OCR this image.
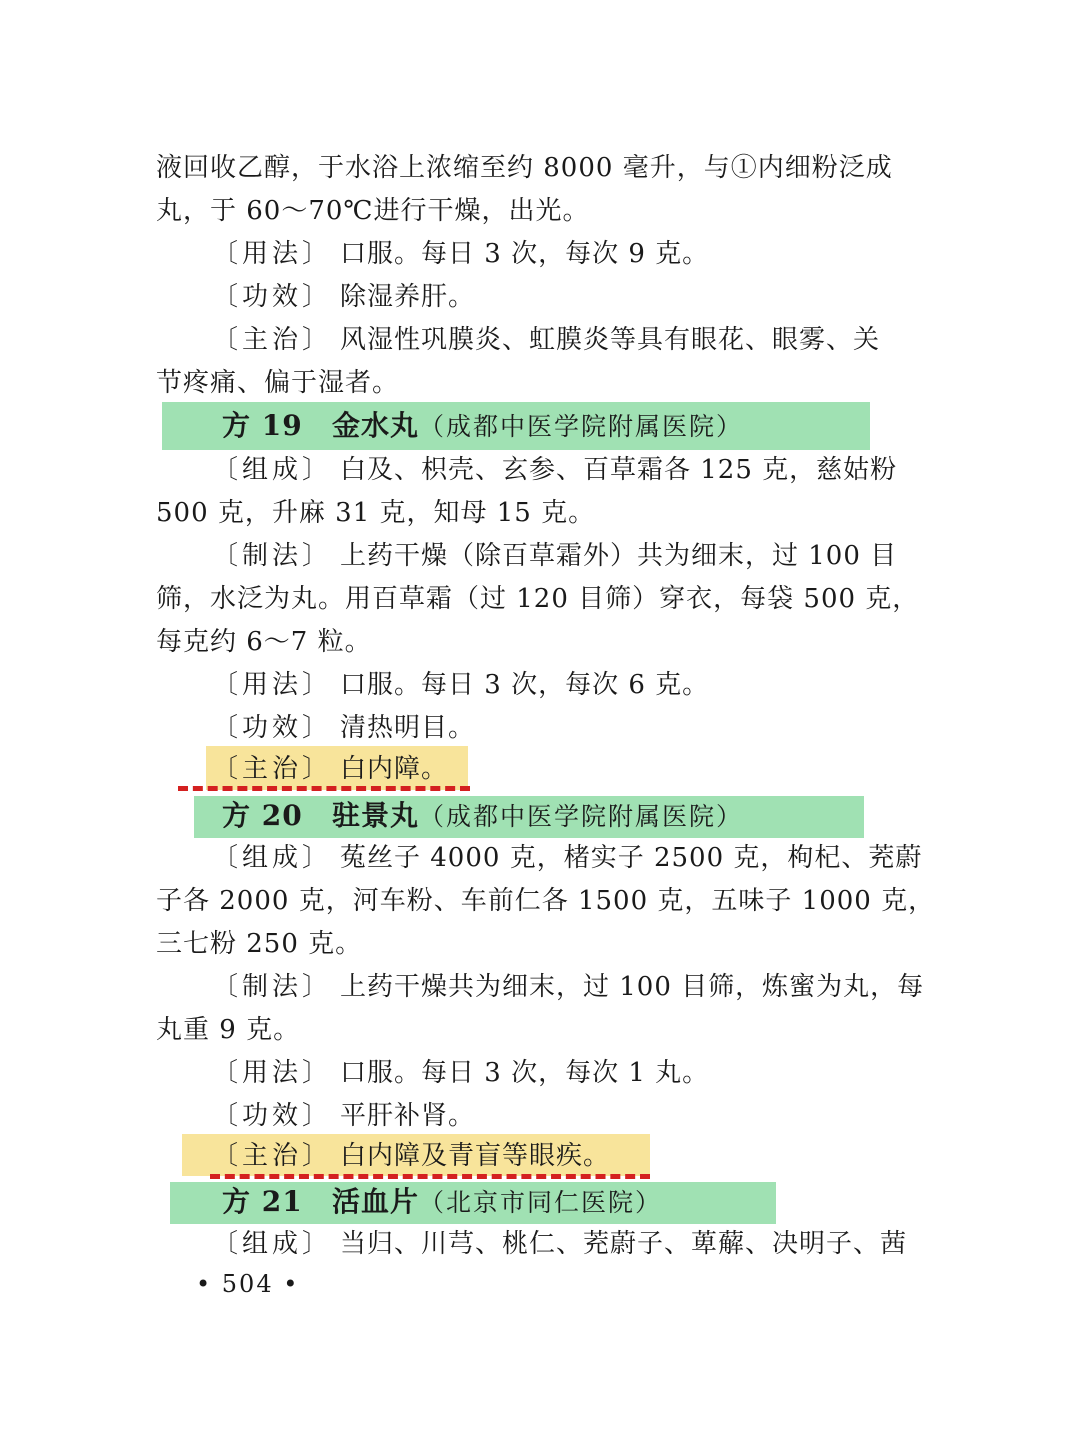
液回收乙醇，于水浴上浓缩至约 8000 毫升，与①内细粉泛成
丸，于 60～70℃进行干燥，出光。
〔用法〕 口服。每日 3 次，每次 9 克。
〔功效〕 除湿养肝。
〔主治〕 风湿性巩膜炎、虹膜炎等具有眼花、眼雾、关
节疼痛、偏于湿者。
方 19 金水丸（成都中医学院附属医院）
〔组成〕 白及、枳壳、玄参、百草霜各 125 克，慈姑粉
500 克，升麻 31 克，知母 15 克。
〔制法〕 上药干燥（除百草霜外）共为细末，过 100 目
筛，水泛为丸。用百草霜（过 120 目筛）穿衣，每袋 500 克，
每克约 6～7 粒。
〔用法〕 口服。每日 3 次，每次 6 克。
〔功效〕 清热明目。
〔主治〕 白内障。
方 20 驻景丸（成都中医学院附属医院）
〔组成〕 菟丝子 4000 克，楮实子 2500 克，枸杞、茺蔚
子各 2000 克，河车粉、车前仁各 1500 克，五味子 1000 克，
三七粉 250 克。
〔制法〕 上药干燥共为细末，过 100 目筛，炼蜜为丸，每
丸重 9 克。
〔用法〕 口服。每日 3 次，每次 1 丸。
〔功效〕 平肝补肾。
〔主治〕 白内障及青盲等眼疾。
方 21 活血片（北京市同仁医院）
〔组成〕 当归、川芎、桃仁、茺蔚子、萆薢、决明子、茜
• 504 •
